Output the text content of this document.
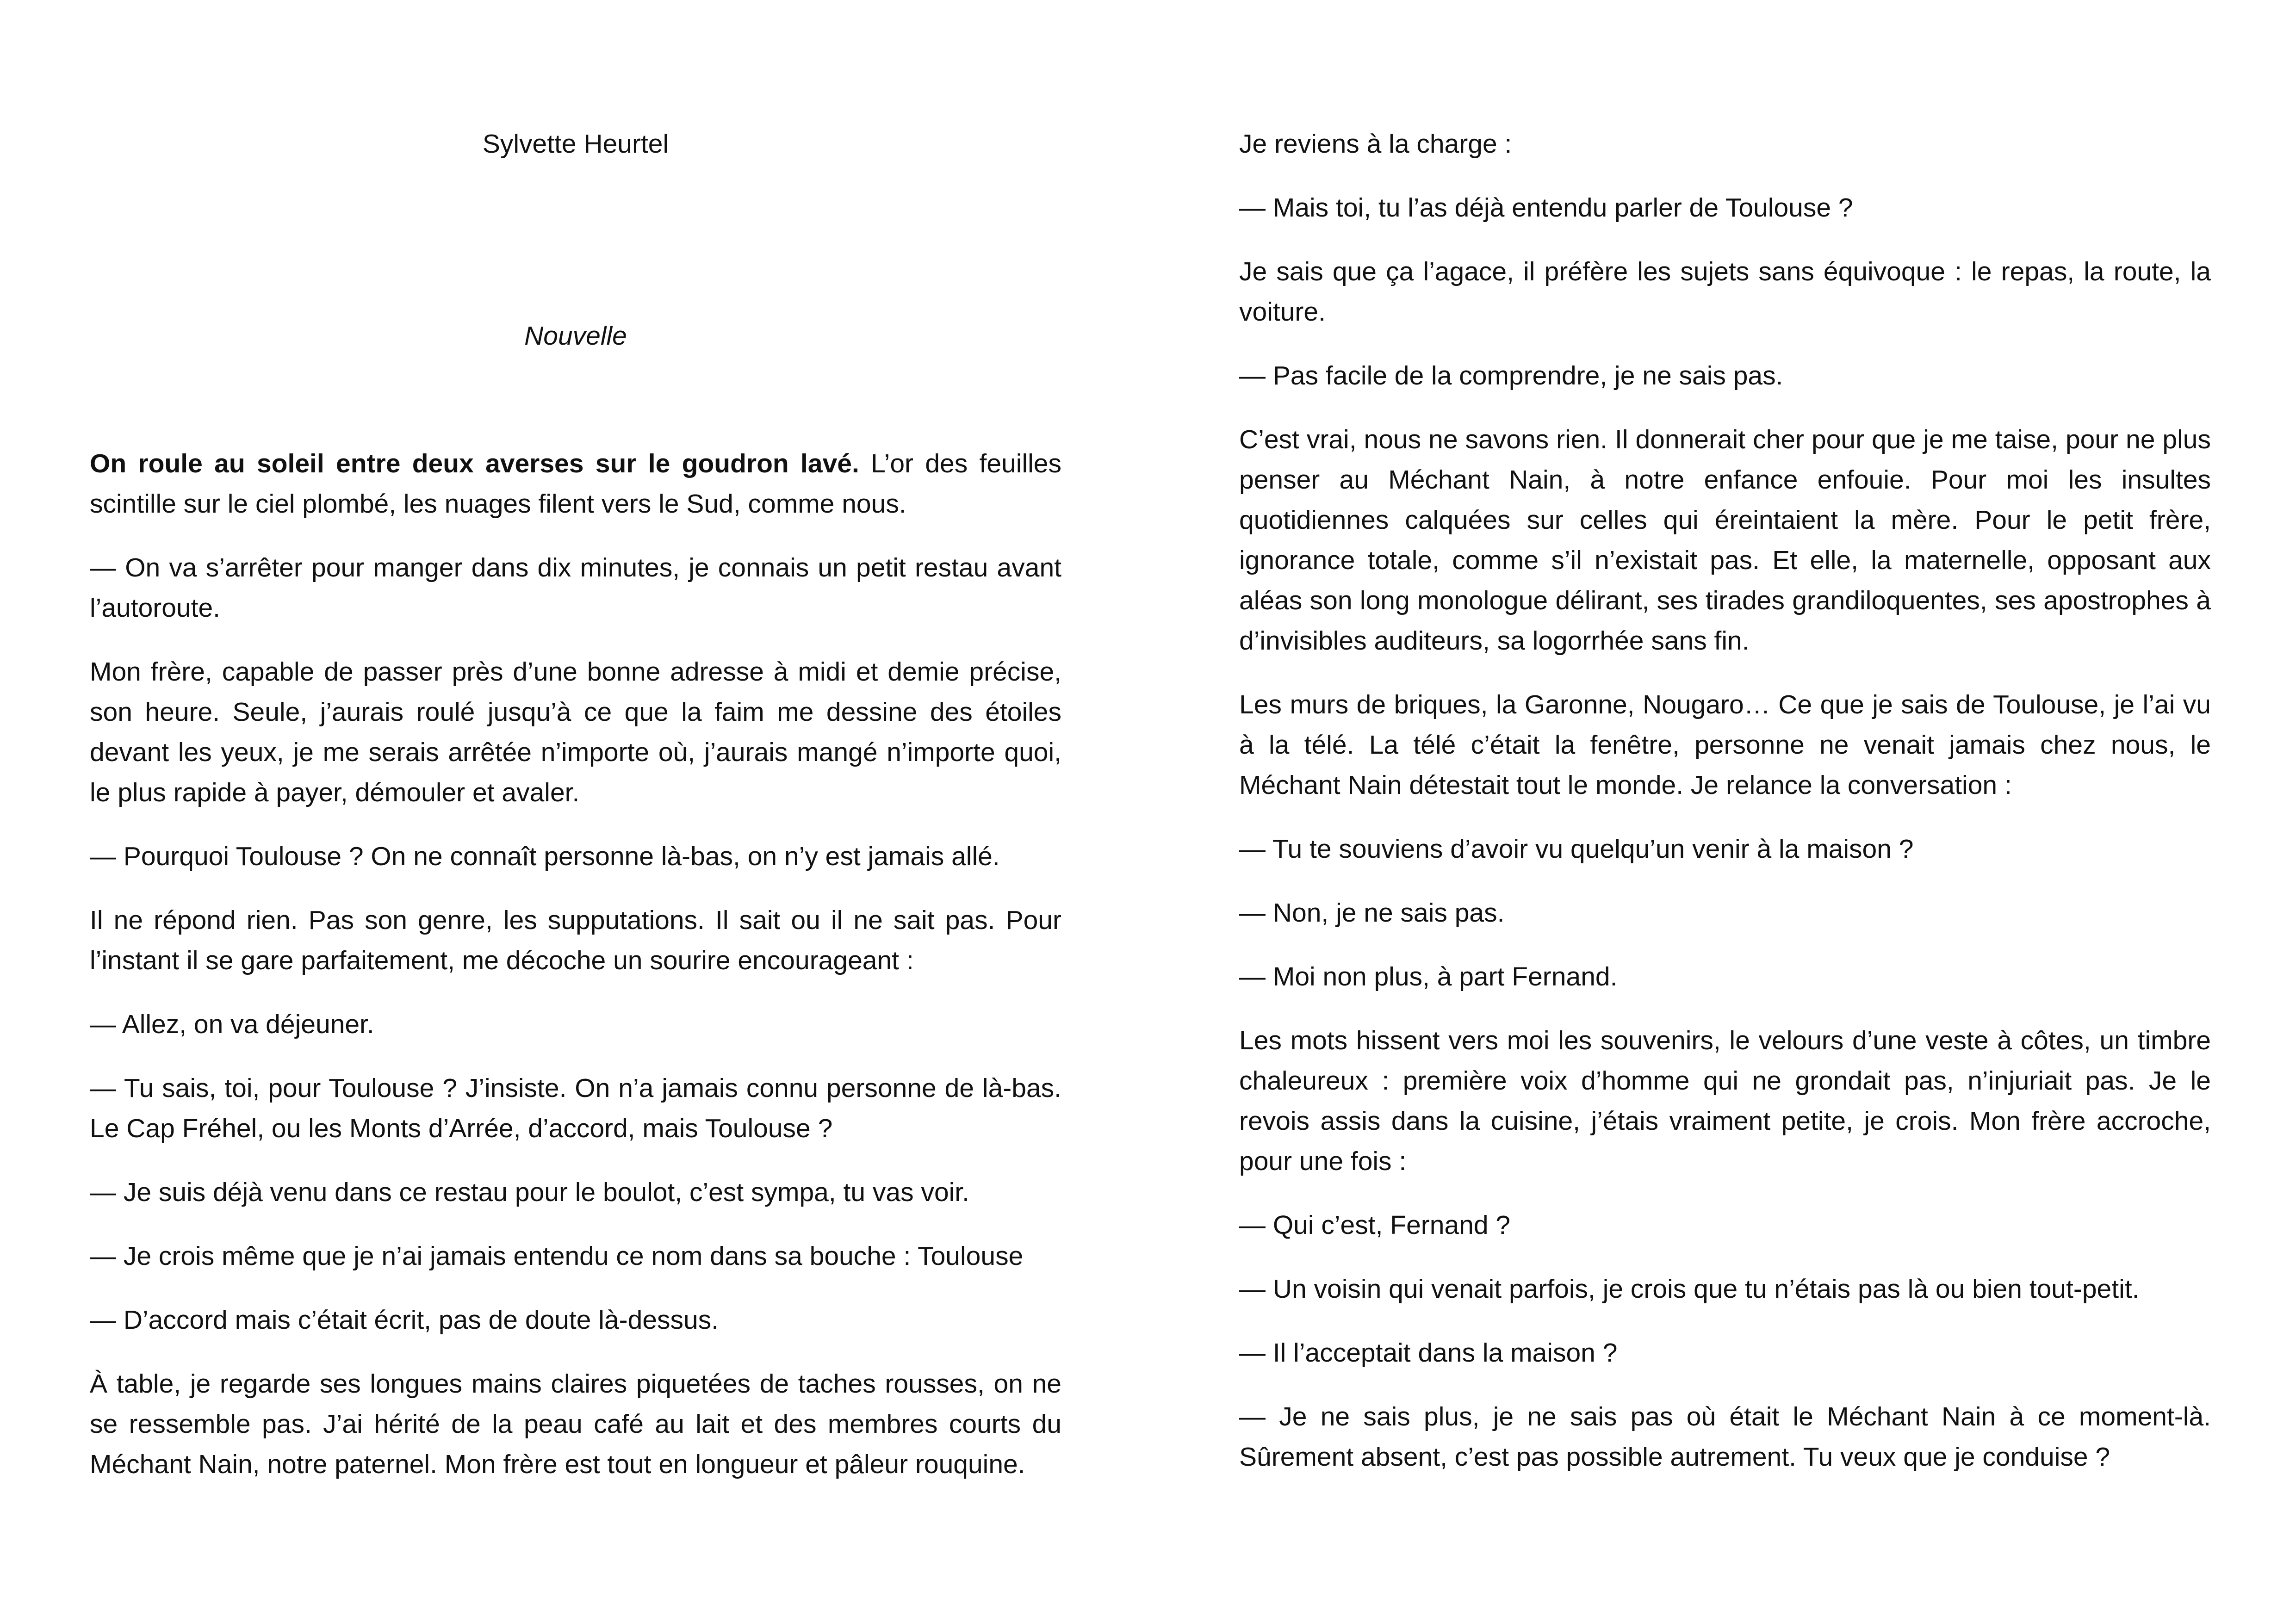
Sylvette Heurtel
Nouvelle

On roule au soleil entre deux averses sur le goudron lavé. L’or des feuilles scintille sur le ciel plombé, les nuages filent vers le Sud, comme nous.

— On va s’arrêter pour manger dans dix minutes, je connais un petit restau avant l’autoroute.

Mon frère, capable de passer près d’une bonne adresse à midi et demie précise, son heure. Seule, j’aurais roulé jusqu’à ce que la faim me dessine des étoiles devant les yeux, je me serais arrêtée n’importe où, j’aurais mangé n’importe quoi, le plus rapide à payer, démouler et avaler.

— Pourquoi Toulouse ? On ne connaît personne là-bas, on n’y est jamais allé.

Il ne répond rien. Pas son genre, les supputations. Il sait ou il ne sait pas. Pour l’instant il se gare parfaitement, me décoche un sourire encourageant :

— Allez, on va déjeuner.

— Tu sais, toi, pour Toulouse ? J’insiste. On n’a jamais connu personne de là-bas. Le Cap Fréhel, ou les Monts d’Arrée, d’accord, mais Toulouse ?

— Je suis déjà venu dans ce restau pour le boulot, c’est sympa, tu vas voir.

— Je crois même que je n’ai jamais entendu ce nom dans sa bouche : Toulouse

— D’accord mais c’était écrit, pas de doute là-dessus.

À table, je regarde ses longues mains claires piquetées de taches rousses, on ne se ressemble pas. J’ai hérité de la peau café au lait et des membres courts du Méchant Nain, notre paternel. Mon frère est tout en longueur et pâleur rouquine.

Je reviens à la charge :

— Mais toi, tu l’as déjà entendu parler de Toulouse ?

Je sais que ça l’agace, il préfère les sujets sans équivoque : le repas, la route, la voiture.

— Pas facile de la comprendre, je ne sais pas.

C’est vrai, nous ne savons rien. Il donnerait cher pour que je me taise, pour ne plus penser au Méchant Nain, à notre enfance enfouie. Pour moi les insultes quotidiennes calquées sur celles qui éreintaient la mère. Pour le petit frère, ignorance totale, comme s’il n’existait pas. Et elle, la maternelle, opposant aux aléas son long monologue délirant, ses tirades grandiloquentes, ses apostrophes à d’invisibles auditeurs, sa logorrhée sans fin.

Les murs de briques, la Garonne, Nougaro… Ce que je sais de Toulouse, je l’ai vu à la télé. La télé c’était la fenêtre, personne ne venait jamais chez nous, le Méchant Nain détestait tout le monde. Je relance la conversation :

— Tu te souviens d’avoir vu quelqu’un venir à la maison ?

— Non, je ne sais pas.

— Moi non plus, à part Fernand.

Les mots hissent vers moi les souvenirs, le velours d’une veste à côtes, un timbre chaleureux : première voix d’homme qui ne grondait pas, n’injuriait pas. Je le revois assis dans la cuisine, j’étais vraiment petite, je crois. Mon frère accroche, pour une fois :

— Qui c’est, Fernand ?

— Un voisin qui venait parfois, je crois que tu n’étais pas là ou bien tout-petit.

— Il l’acceptait dans la maison ?

— Je ne sais plus, je ne sais pas où était le Méchant Nain à ce moment-là. Sûrement absent, c’est pas possible autrement. Tu veux que je conduise ?
